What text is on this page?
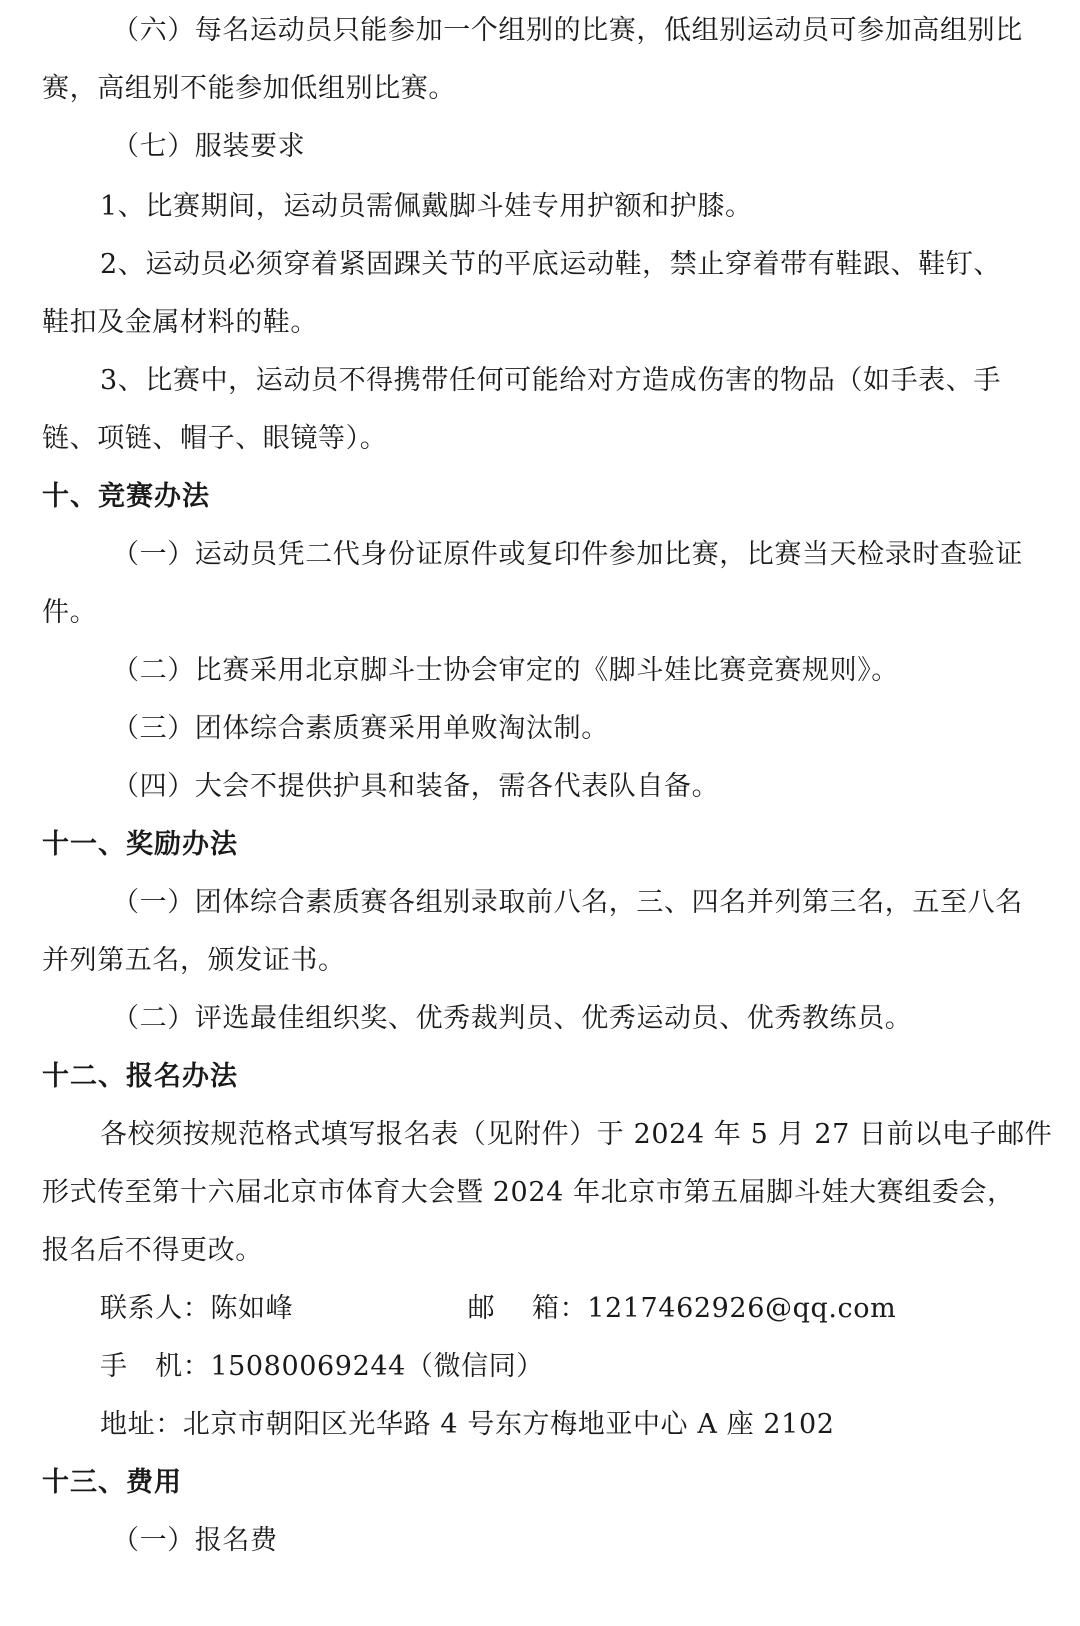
（六）每名运动员只能参加一个组别的比赛，低组别运动员可参加高组别比
赛，高组别不能参加低组别比赛。
（七）服装要求
1、比赛期间，运动员需佩戴脚斗娃专用护额和护膝。
2、运动员必须穿着紧固踝关节的平底运动鞋，禁止穿着带有鞋跟、鞋钉、
鞋扣及金属材料的鞋。
3、比赛中，运动员不得携带任何可能给对方造成伤害的物品（如手表、手
链、项链、帽子、眼镜等）。
十、竞赛办法
（一）运动员凭二代身份证原件或复印件参加比赛，比赛当天检录时查验证
件。
（二）比赛采用北京脚斗士协会审定的《脚斗娃比赛竞赛规则》。
（三）团体综合素质赛采用单败淘汰制。
（四）大会不提供护具和装备，需各代表队自备。
十一、奖励办法
（一）团体综合素质赛各组别录取前八名，三、四名并列第三名，五至八名
并列第五名，颁发证书。
（二）评选最佳组织奖、优秀裁判员、优秀运动员、优秀教练员。
十二、报名办法
各校须按规范格式填写报名表（见附件）于 2024 年 5 月 27 日前以电子邮件
形式传至第十六届北京市体育大会暨 2024 年北京市第五届脚斗娃大赛组委会，
报名后不得更改。
联系人：陈如峰                   邮    箱：1217462926@qq.com
手   机：15080069244（微信同）
地址：北京市朝阳区光华路 4 号东方梅地亚中心 A 座 2102
十三、费用
（一）报名费
